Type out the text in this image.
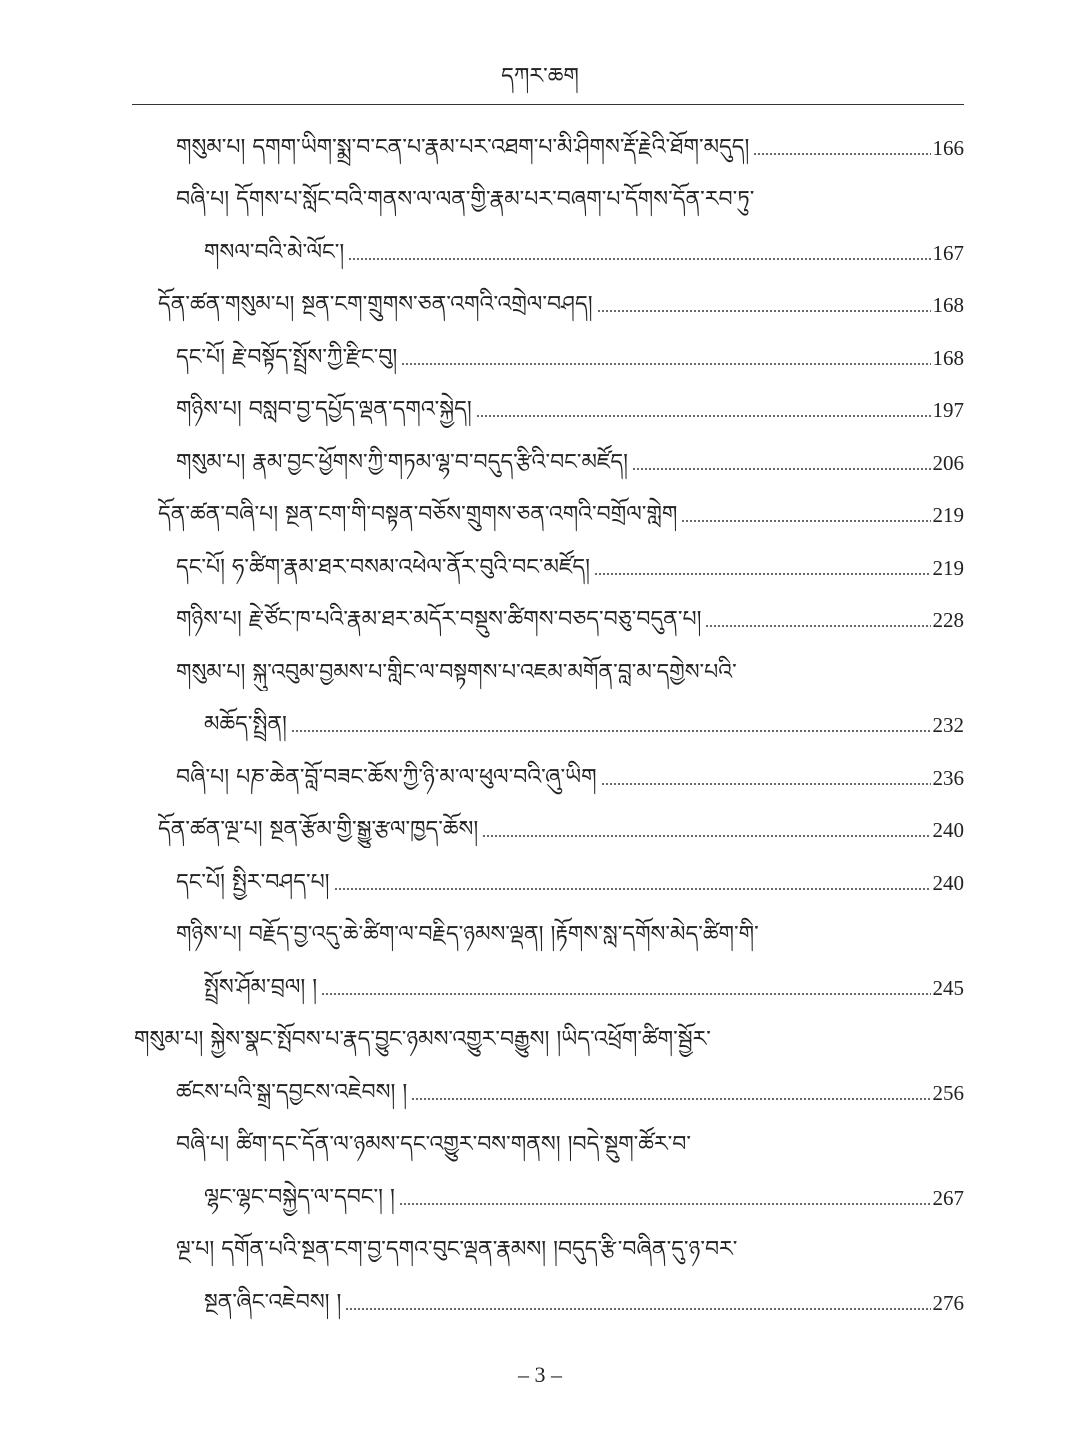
དཀར་ཆག
གསུམ་པ། དགག་ཡིག་སྨྲ་བ་ངན་པ་རྣམ་པར་འཐག་པ་མི་ཤིགས་རྡོ་རྗེའི་ཐོག་མདུད།	166
བཞི་པ། དོགས་པ་སློང་བའི་གནས་ལ་ལན་གྱི་རྣམ་པར་བཞག་པ་དོགས་དོན་རབ་ཏུ་
གསལ་བའི་མེ་ལོང་།	167
དོན་ཚན་གསུམ་པ། སྔན་ངག་གྲུགས་ཅན་འགའི་འགྲེལ་བཤད།	168
དང་པོ། རྗེ་བསྟོད་སྤྲོས་ཀྱི་རྫིང་བུ།	168
གཉིས་པ། བསླབ་བྱ་དཔྱོད་ལྡན་དགའ་སྐྱེད།	197
གསུམ་པ། རྣམ་བྱང་ཕྱོགས་ཀྱི་གཏམ་ལྷ་བ་བདུད་རྩིའི་བང་མཛོད།	206
དོན་ཚན་བཞི་པ། སྔན་ངག་གི་བསྟན་བཅོས་གྲུགས་ཅན་འགའི་བགྲོལ་གླེག	219
དང་པོ། ཧ་ཚིག་རྣམ་ཐར་བསམ་འཕེལ་ནོར་བུའི་བང་མཛོད།	219
གཉིས་པ། རྗེ་ཙོང་ཁ་པའི་རྣམ་ཐར་མདོར་བསྡུས་ཚིགས་བཅད་བཅུ་བདུན་པ།	228
གསུམ་པ། སྐུ་འབུམ་བྱམས་པ་གླིང་ལ་བསྟགས་པ་འཇམ་མགོན་བླ་མ་དགྱེས་པའི་
མཆོད་སྤྲིན།	232
བཞི་པ། པཎ་ཆེན་བློ་བཟང་ཆོས་ཀྱི་ཉི་མ་ལ་ཕུལ་བའི་ཞུ་ཡིག	236
དོན་ཚན་ལྔ་པ། སྔན་རྩོམ་གྱི་སྒྱུ་རྩལ་ཁྱད་ཆོས།	240
དང་པོ། སྤྱིར་བཤད་པ།	240
གཉིས་པ། བརྗོད་བྱ་འདུ་ཆེ་ཚིག་ལ་བརྗིད་ཉམས་ལྡན། །རྟོགས་སླ་དགོས་མེད་ཚིག་གི་
སྤྲོས་ཤོམ་བྲལ། །	245
གསུམ་པ། སྐྱེས་སྣང་སྤོབས་པ་རྣད་བྱུང་ཉམས་འགྱུར་བརྒྱུས། །ཡིད་འཕྲོག་ཚིག་སྦྱོར་
ཚངས་པའི་སྒྲ་དབྱངས་འཇེབས། །	256
བཞི་པ། ཚིག་དང་དོན་ལ་ཉམས་དང་འགྱུར་བས་གནས། །བདེ་སྡུག་ཚོར་བ་
ལྷང་ལྷང་བསྐྱེད་ལ་དབང་། །	267
ལྔ་པ། དགོན་པའི་སྔན་ངག་བྱ་དགའ་བུང་ལྡན་རྣམས། །བདུད་རྩི་བཞིན་དུ་ཉ་བར་
སྔན་ཞིང་འཇེབས། །	276
– 3 –
